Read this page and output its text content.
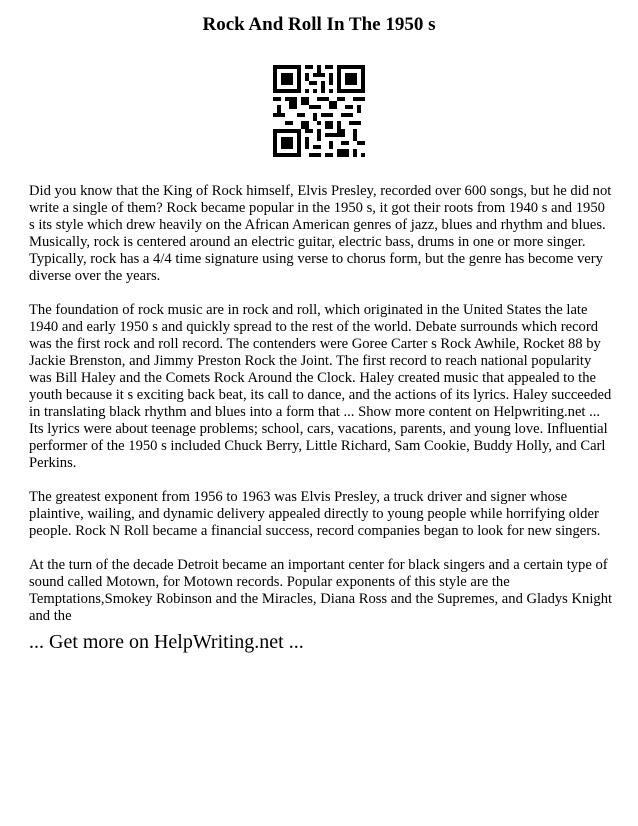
Rock And Roll In The 1950 s

Did you know that the King of Rock himself, Elvis Presley, recorded over 600 songs, but he did not write a single of them? Rock became popular in the 1950 s, it got their roots from 1940 s and 1950 s its style which drew heavily on the African American genres of jazz, blues and rhythm and blues. Musically, rock is centered around an electric guitar, electric bass, drums in one or more singer. Typically, rock has a 4/4 time signature using verse to chorus form, but the genre has become very diverse over the years.

The foundation of rock music are in rock and roll, which originated in the United States the late 1940 and early 1950 s and quickly spread to the rest of the world. Debate surrounds which record was the first rock and roll record. The contenders were Goree Carter s Rock Awhile, Rocket 88 by Jackie Brenston, and Jimmy Preston Rock the Joint. The first record to reach national popularity was Bill Haley and the Comets Rock Around the Clock. Haley created music that appealed to the youth because it s exciting back beat, its call to dance, and the actions of its lyrics. Haley succeeded in translating black rhythm and blues into a form that ... Show more content on Helpwriting.net ...
Its lyrics were about teenage problems; school, cars, vacations, parents, and young love. Influential performer of the 1950 s included Chuck Berry, Little Richard, Sam Cookie, Buddy Holly, and Carl Perkins.

The greatest exponent from 1956 to 1963 was Elvis Presley, a truck driver and signer whose plaintive, wailing, and dynamic delivery appealed directly to young people while horrifying older people. Rock N Roll became a financial success, record companies began to look for new singers.

At the turn of the decade Detroit became an important center for black singers and a certain type of sound called Motown, for Motown records. Popular exponents of this style are the Temptations,Smokey Robinson and the Miracles, Diana Ross and the Supremes, and Gladys Knight and the

... Get more on HelpWriting.net ...
